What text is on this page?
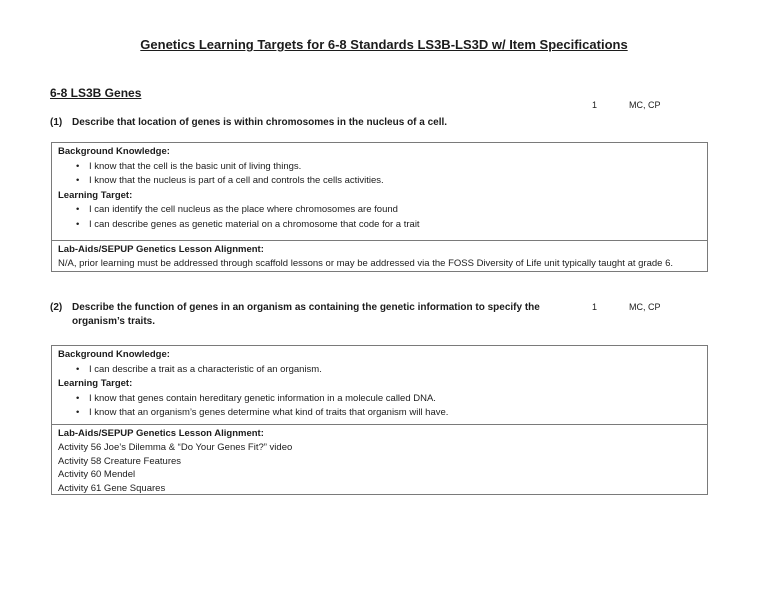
Genetics Learning Targets for 6-8 Standards LS3B-LS3D w/ Item Specifications
6-8 LS3B Genes
1	MC, CP
(1) Describe that location of genes is within chromosomes in the nucleus of a cell.
Background Knowledge:
• I know that the cell is the basic unit of living things.
• I know that the nucleus is part of a cell and controls the cells activities.
Learning Target:
• I can identify the cell nucleus as the place where chromosomes are found
• I can describe genes as genetic material on a chromosome that code for a trait
Lab-Aids/SEPUP Genetics Lesson Alignment:
N/A, prior learning must be addressed through scaffold lessons or may be addressed via the FOSS Diversity of Life unit typically taught at grade 6.
1	MC, CP
(2) Describe the function of genes in an organism as containing the genetic information to specify the organism’s traits.
Background Knowledge:
• I can describe a trait as a characteristic of an organism.
Learning Target:
• I know that genes contain hereditary genetic information in a molecule called DNA.
• I know that an organism’s genes determine what kind of traits that organism will have.
Lab-Aids/SEPUP Genetics Lesson Alignment:
Activity 56 Joe’s Dilemma & “Do Your Genes Fit?” video
Activity 58 Creature Features
Activity 60 Mendel
Activity 61 Gene Squares
